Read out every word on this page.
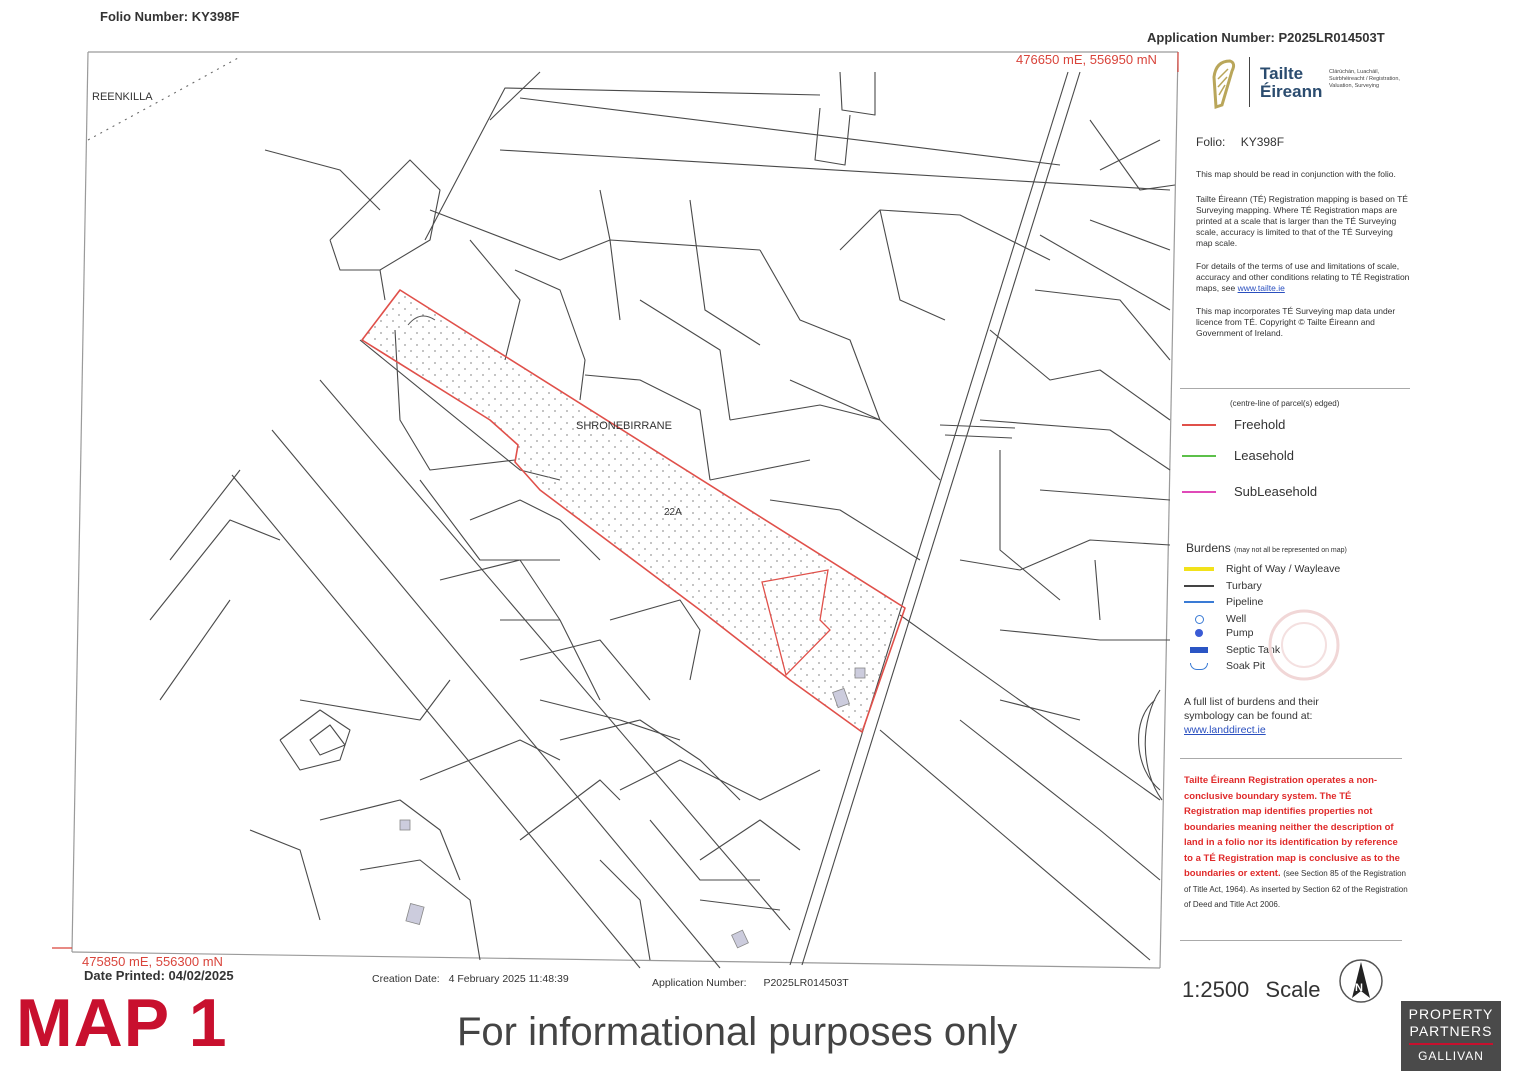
Folio Number: KY398F
Application Number: P2025LR014503T
476650 mE, 556950 mN
REENKILLA
SHRONEBIRRANE
22A
Tailte
Éireann
Clárúchán, Luacháil, Suirbhéireacht / Registration, Valuation, Surveying
Folio: KY398F

This map should be read in conjunction with the folio.

Tailte Éireann (TÉ) Registration mapping is based on TÉ Surveying mapping. Where TÉ Registration maps are printed at a scale that is larger than the TÉ Surveying scale, accuracy is limited to that of the TÉ Surveying map scale.

For details of the terms of use and limitations of scale, accuracy and other conditions relating to TÉ Registration maps, see www.tailte.ie

This map incorporates TÉ Surveying map data under licence from TÉ. Copyright © Tailte Éireann and Government of Ireland.

(centre-line of parcel(s) edged)
Freehold
Leasehold
SubLeasehold
Burdens (may not all be represented on map)
Right of Way / Wayleave
Turbary
Pipeline
Well
Pump
Septic Tank
Soak Pit
A full list of burdens and their symbology can be found at:
www.landdirect.ie
Tailte Éireann Registration operates a non-conclusive boundary system. The TÉ Registration map identifies properties not boundaries meaning neither the description of land in a folio nor its identification by reference to a TÉ Registration map is conclusive as to the boundaries or extent. (see Section 85 of the Registration of Title Act, 1964). As inserted by Section 62 of the Registration of Deed and Title Act 2006.
475850 mE, 556300 mN
Date Printed: 04/02/2025	Creation Date: 4 February 2025 11:48:39	Application Number: P2025LR014503T	1:2500 Scale	N
MAP 1	For informational purposes only	PROPERTY
PARTNERS
GALLIVAN
